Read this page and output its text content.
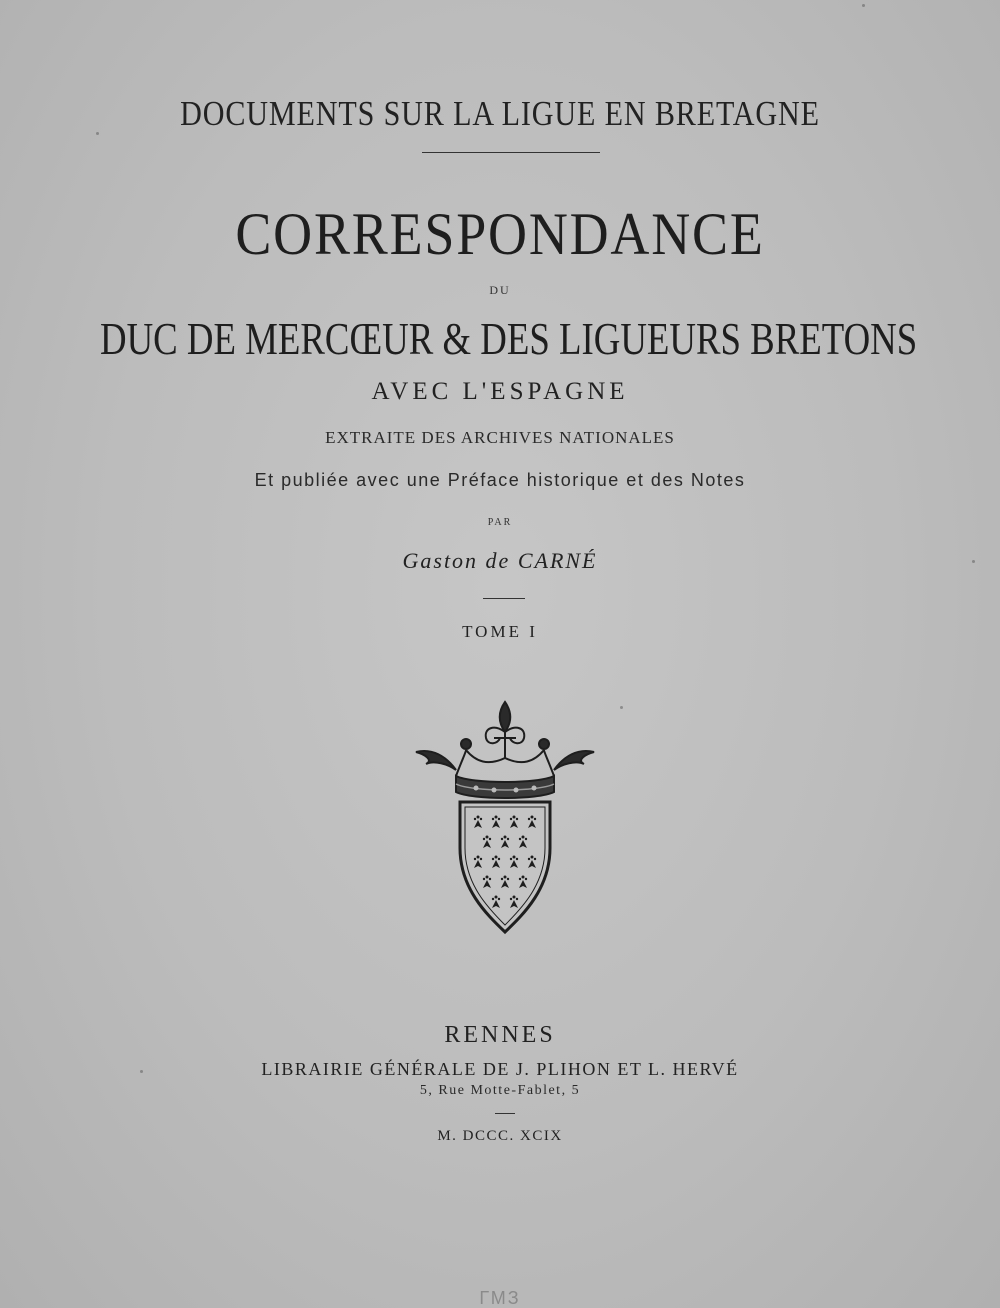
DOCUMENTS SUR LA LIGUE EN BRETAGNE
CORRESPONDANCE
DU
DUC DE MERCŒUR & DES LIGUEURS BRETONS
AVEC L'ESPAGNE
EXTRAITE DES ARCHIVES NATIONALES
Et publiée avec une Préface historique et des Notes
PAR
Gaston de CARNÉ
TOME I
RENNES
LIBRAIRIE GÉNÉRALE DE J. PLIHON ET L. HERVÉ
5, Rue Motte-Fablet, 5
M. DCCC. XCIX
ГМЗ
